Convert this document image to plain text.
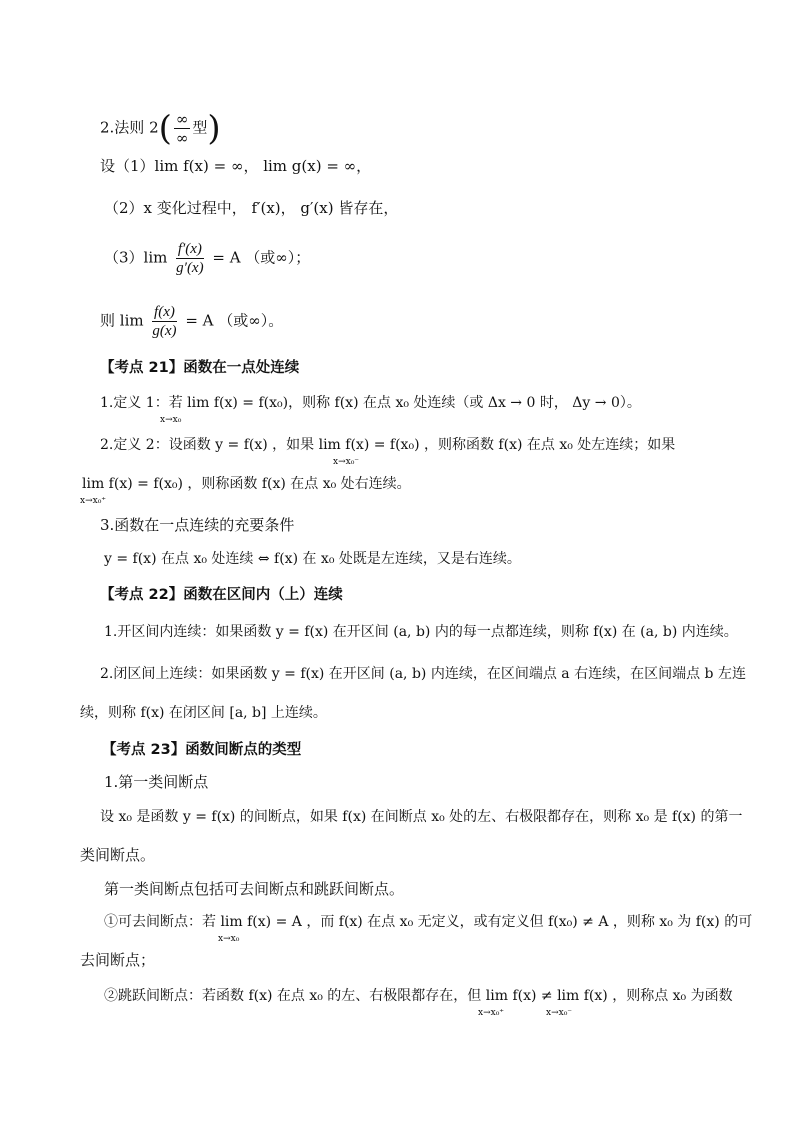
2.法则 $2( \frac{\infty}{\infty}$ 型)
设（1）lim f(x) = ∞， lim g(x) = ∞，
（2）x 变化过程中， f′(x)， g′(x) 皆存在，
$(3)\lim \frac{f'(x)}{g'(x)} = A$ （或∞）；
则 $\lim \frac{f(x)}{g(x)} = A$ （或∞）。
【考点 21】函数在一点处连续
1.定义 1：若 lim f(x) = f(x₀)，则称 f(x) 在点 x₀ 处连续（或 Δx → 0 时， Δy → 0）。
x→x₀
2.定义 2：设函数 y = f(x) ，如果 lim f(x) = f(x₀) ，则称函数 f(x) 在点 x₀ 处左连续；如果
x→x₀⁻
lim f(x) = f(x₀) ，则称函数 f(x) 在点 x₀ 处右连续。
x→x₀⁺
3.函数在一点连续的充要条件
y = f(x) 在点 x₀ 处连续 ⇔ f(x) 在 x₀ 处既是左连续，又是右连续。
【考点 22】函数在区间内（上）连续
1.开区间内连续：如果函数 y = f(x) 在开区间 (a, b) 内的每一点都连续，则称 f(x) 在 (a, b) 内连续。
2.闭区间上连续：如果函数 y = f(x) 在开区间 (a, b) 内连续，在区间端点 a 右连续，在区间端点 b 左连
续，则称 f(x) 在闭区间 [a, b] 上连续。
【考点 23】函数间断点的类型
1.第一类间断点
设 x₀ 是函数 y = f(x) 的间断点，如果 f(x) 在间断点 x₀ 处的左、右极限都存在，则称 x₀ 是 f(x) 的第一
类间断点。
第一类间断点包括可去间断点和跳跃间断点。
①可去间断点：若 lim f(x) = A ，而 f(x) 在点 x₀ 无定义，或有定义但 f(x₀) ≠ A ，则称 x₀ 为 f(x) 的可
x→x₀
去间断点；
②跳跃间断点：若函数 f(x) 在点 x₀ 的左、右极限都存在，但 lim f(x) ≠ lim f(x) ，则称点 x₀ 为函数
x→x₀⁺	x→x₀⁻
